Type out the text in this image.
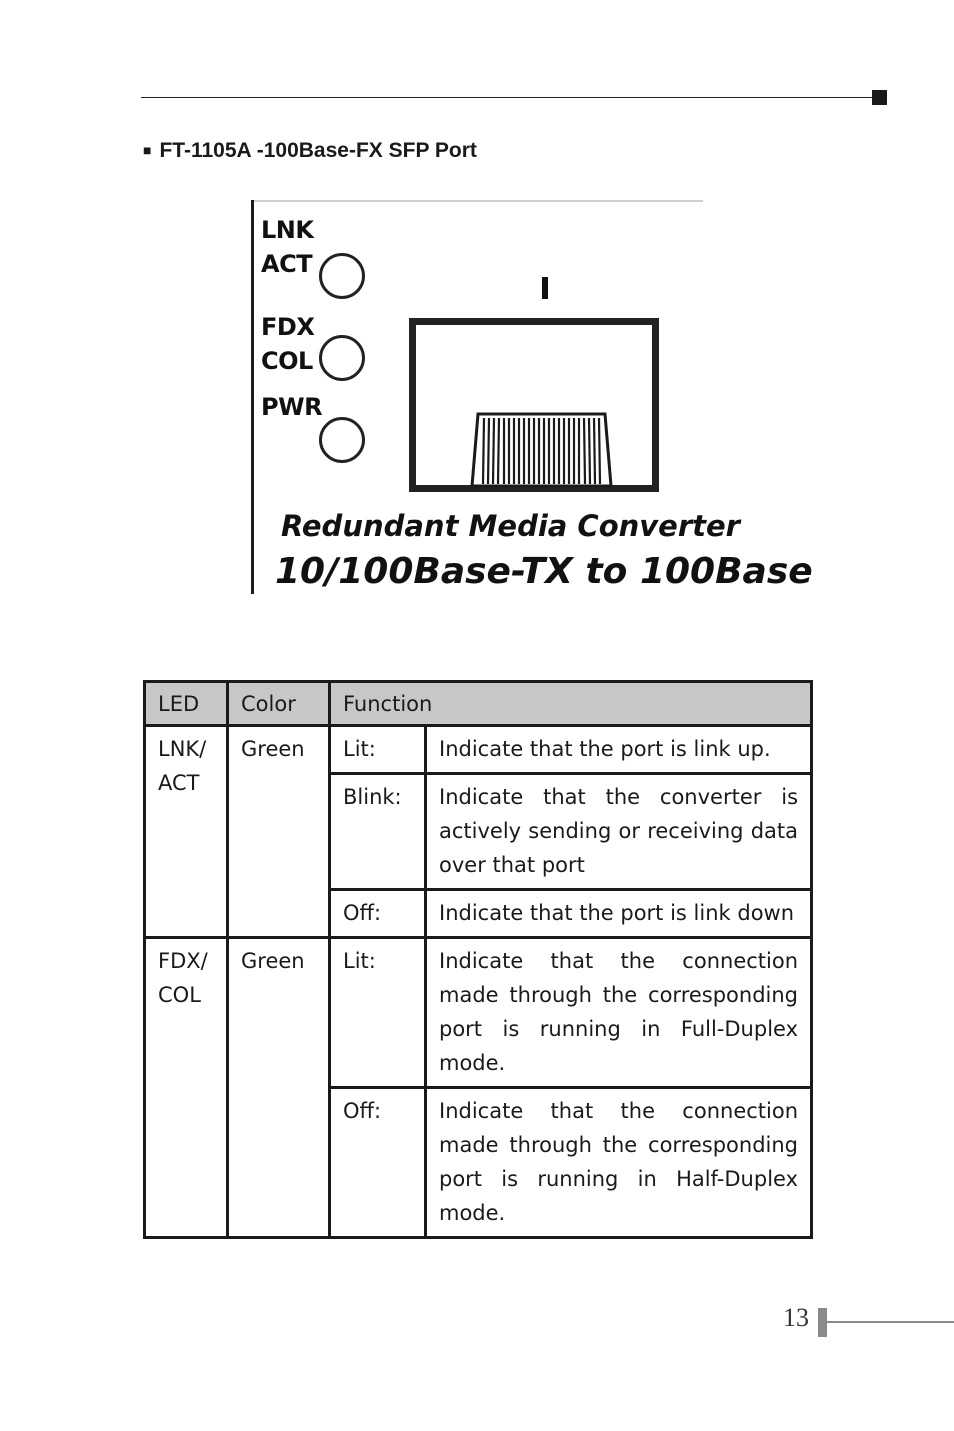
■ FT-1105A -100Base-FX SFP Port
LNK
ACT
FDX
COL
PWR
Redundant Media Converter
10/100Base-TX to 100Base
LED	Color	Function	
LNK/
ACT	Green	Lit:	Indicate that the port is link up.
		Blink:	Indicate that the converter is actively sending or receiving data over that port
		Off:	Indicate that the port is link down
FDX/
COL	Green	Lit:	Indicate that the connection made through the corresponding port is running in Full-Duplex mode.
		Off:	Indicate that the connection made through the corresponding port is running in Half-Duplex mode.
13
